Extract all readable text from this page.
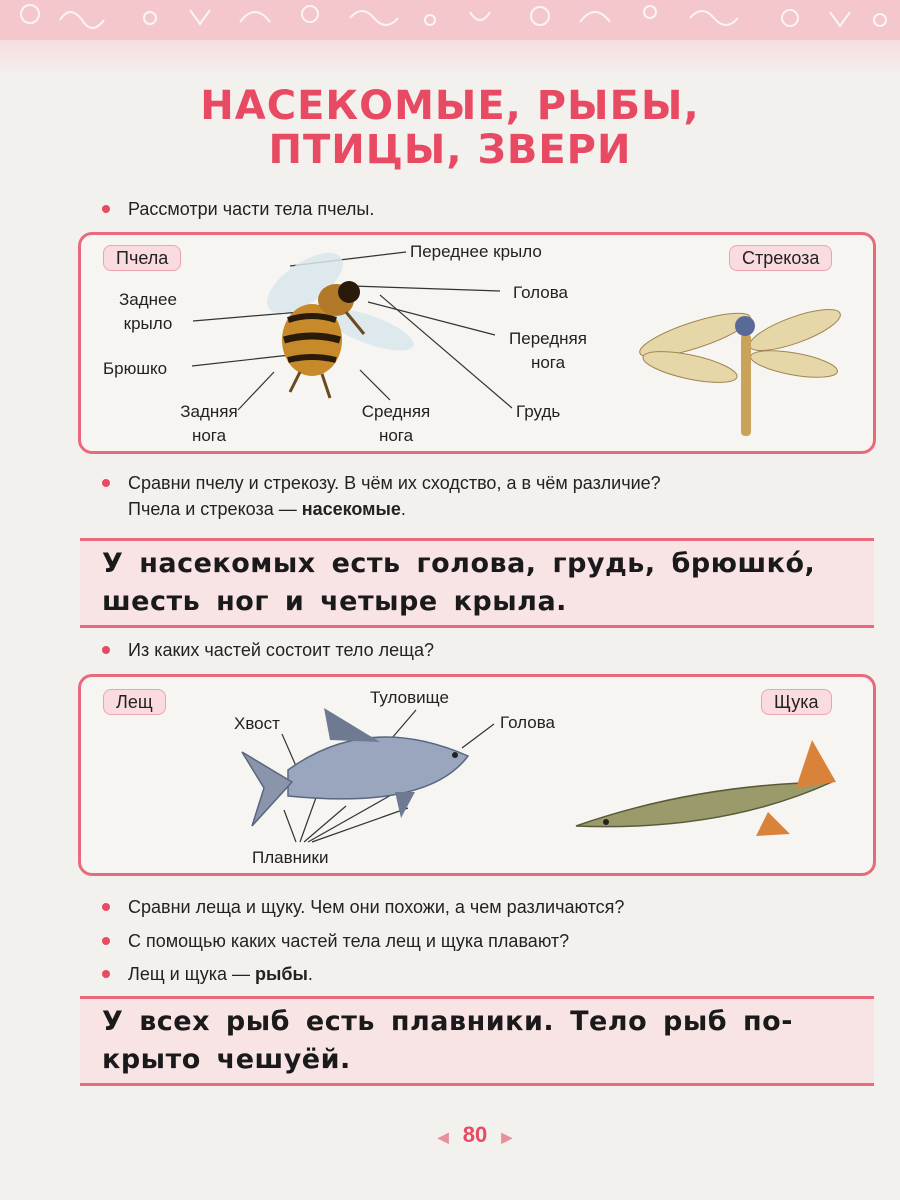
НАСЕКОМЫЕ, РЫБЫ,
ПТИЦЫ, ЗВЕРИ
Рассмотри части тела пчелы.
Пчела	Стрекоза
Переднее крыло
Голова
Заднее
крыло
Передняя
нога
Брюшко
Задняя
нога
Средняя
нога
Грудь
Сравни пчелу и стрекозу. В чём их сходство, а в чём различие?
Пчела и стрекоза — насекомые.
У насекомых есть голова, грудь, брюшко́,
шесть ног и четыре крыла.
Из каких частей состоит тело леща?
Лещ	Щука
Туловище
Хвост	Голова
Плавники
Сравни леща и щуку. Чем они похожи, а чем различаются?
С помощью каких частей тела лещ и щука плавают?
Лещ и щука — рыбы.
У всех рыб есть плавники. Тело рыб по-
крыто чешуёй.
◀ 80 ▶
